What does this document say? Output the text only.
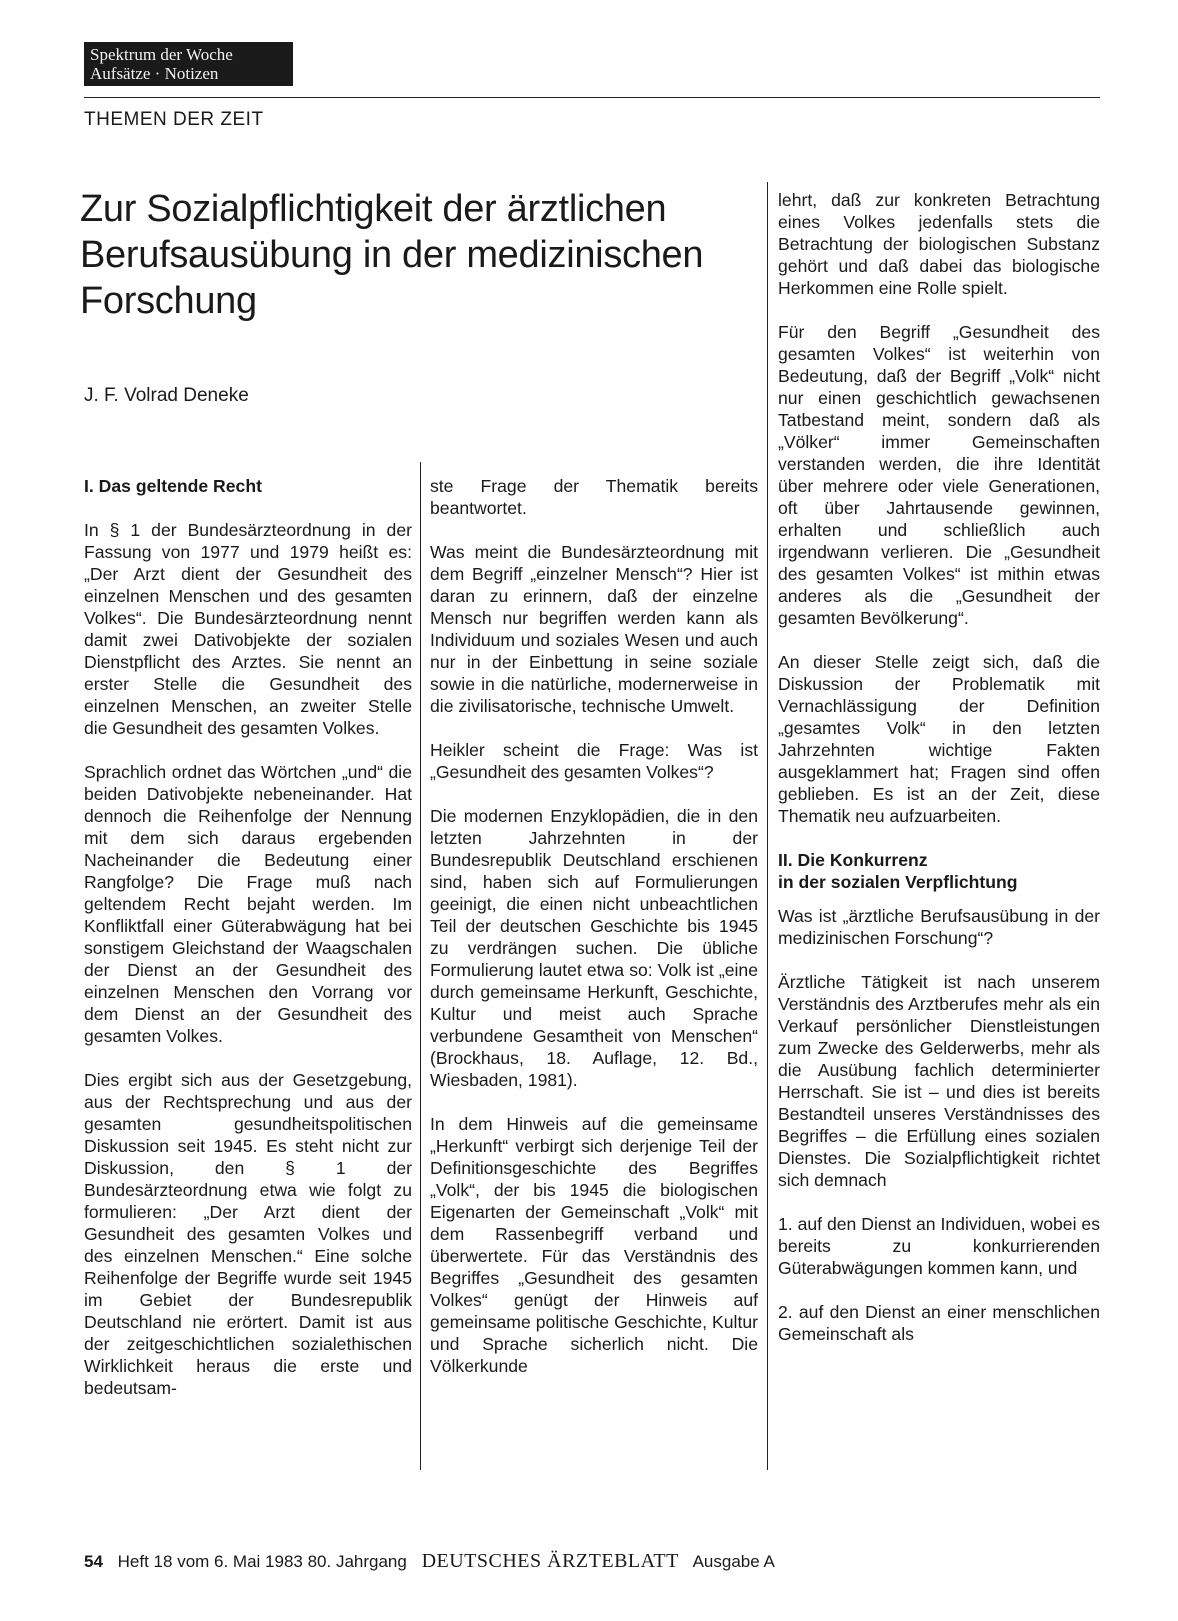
Spektrum der Woche
Aufsätze · Notizen
THEMEN DER ZEIT
Zur Sozialpflichtigkeit der ärztlichen Berufsausübung in der medizinischen Forschung
J. F. Volrad Deneke
I. Das geltende Recht

In § 1 der Bundesärzteordnung in der Fassung von 1977 und 1979 heißt es: „Der Arzt dient der Gesundheit des einzelnen Menschen und des gesamten Volkes“. Die Bundesärzteordnung nennt damit zwei Dativobjekte der sozialen Dienstpflicht des Arztes. Sie nennt an erster Stelle die Gesundheit des einzelnen Menschen, an zweiter Stelle die Gesundheit des gesamten Volkes.

Sprachlich ordnet das Wörtchen „und“ die beiden Dativobjekte nebeneinander. Hat dennoch die Reihenfolge der Nennung mit dem sich daraus ergebenden Nacheinander die Bedeutung einer Rangfolge? Die Frage muß nach geltendem Recht bejaht werden. Im Konfliktfall einer Güterabwägung hat bei sonstigem Gleichstand der Waagschalen der Dienst an der Gesundheit des einzelnen Menschen den Vorrang vor dem Dienst an der Gesundheit des gesamten Volkes.

Dies ergibt sich aus der Gesetzgebung, aus der Rechtsprechung und aus der gesamten gesundheitspolitischen Diskussion seit 1945. Es steht nicht zur Diskussion, den § 1 der Bundesärzteordnung etwa wie folgt zu formulieren: „Der Arzt dient der Gesundheit des gesamten Volkes und des einzelnen Menschen.“ Eine solche Reihenfolge der Begriffe wurde seit 1945 im Gebiet der Bundesrepublik Deutschland nie erörtert. Damit ist aus der zeitgeschichtlichen sozialethischen Wirklichkeit heraus die erste und bedeutsam-

ste Frage der Thematik bereits beantwortet.

Was meint die Bundesärzteordnung mit dem Begriff „einzelner Mensch“? Hier ist daran zu erinnern, daß der einzelne Mensch nur begriffen werden kann als Individuum und soziales Wesen und auch nur in der Einbettung in seine soziale sowie in die natürliche, modernerweise in die zivilisatorische, technische Umwelt.

Heikler scheint die Frage: Was ist „Gesundheit des gesamten Volkes“?

Die modernen Enzyklopädien, die in den letzten Jahrzehnten in der Bundesrepublik Deutschland erschienen sind, haben sich auf Formulierungen geeinigt, die einen nicht unbeachtlichen Teil der deutschen Geschichte bis 1945 zu verdrängen suchen. Die übliche Formulierung lautet etwa so: Volk ist „eine durch gemeinsame Herkunft, Geschichte, Kultur und meist auch Sprache verbundene Gesamtheit von Menschen“ (Brockhaus, 18. Auflage, 12. Bd., Wiesbaden, 1981).

In dem Hinweis auf die gemeinsame „Herkunft“ verbirgt sich derjenige Teil der Definitionsgeschichte des Begriffes „Volk“, der bis 1945 die biologischen Eigenarten der Gemeinschaft „Volk“ mit dem Rassenbegriff verband und überwertete. Für das Verständnis des Begriffes „Gesundheit des gesamten Volkes“ genügt der Hinweis auf gemeinsame politische Geschichte, Kultur und Sprache sicherlich nicht. Die Völkerkunde

lehrt, daß zur konkreten Betrachtung eines Volkes jedenfalls stets die Betrachtung der biologischen Substanz gehört und daß dabei das biologische Herkommen eine Rolle spielt.

Für den Begriff „Gesundheit des gesamten Volkes“ ist weiterhin von Bedeutung, daß der Begriff „Volk“ nicht nur einen geschichtlich gewachsenen Tatbestand meint, sondern daß als „Völker“ immer Gemeinschaften verstanden werden, die ihre Identität über mehrere oder viele Generationen, oft über Jahrtausende gewinnen, erhalten und schließlich auch irgendwann verlieren. Die „Gesundheit des gesamten Volkes“ ist mithin etwas anderes als die „Gesundheit der gesamten Bevölkerung“.

An dieser Stelle zeigt sich, daß die Diskussion der Problematik mit Vernachlässigung der Definition „gesamtes Volk“ in den letzten Jahrzehnten wichtige Fakten ausgeklammert hat; Fragen sind offen geblieben. Es ist an der Zeit, diese Thematik neu aufzuarbeiten.

II. Die Konkurrenz
in der sozialen Verpflichtung

Was ist „ärztliche Berufsausübung in der medizinischen Forschung“?

Ärztliche Tätigkeit ist nach unserem Verständnis des Arztberufes mehr als ein Verkauf persönlicher Dienstleistungen zum Zwecke des Gelderwerbs, mehr als die Ausübung fachlich determinierter Herrschaft. Sie ist – und dies ist bereits Bestandteil unseres Verständnisses des Begriffes – die Erfüllung eines sozialen Dienstes. Die Sozialpflichtigkeit richtet sich demnach

1. auf den Dienst an Individuen, wobei es bereits zu konkurrierenden Güterabwägungen kommen kann, und

2. auf den Dienst an einer menschlichen Gemeinschaft als

54 Heft 18 vom 6. Mai 1983 80. Jahrgang DEUTSCHES ÄRZTEBLATT Ausgabe A
